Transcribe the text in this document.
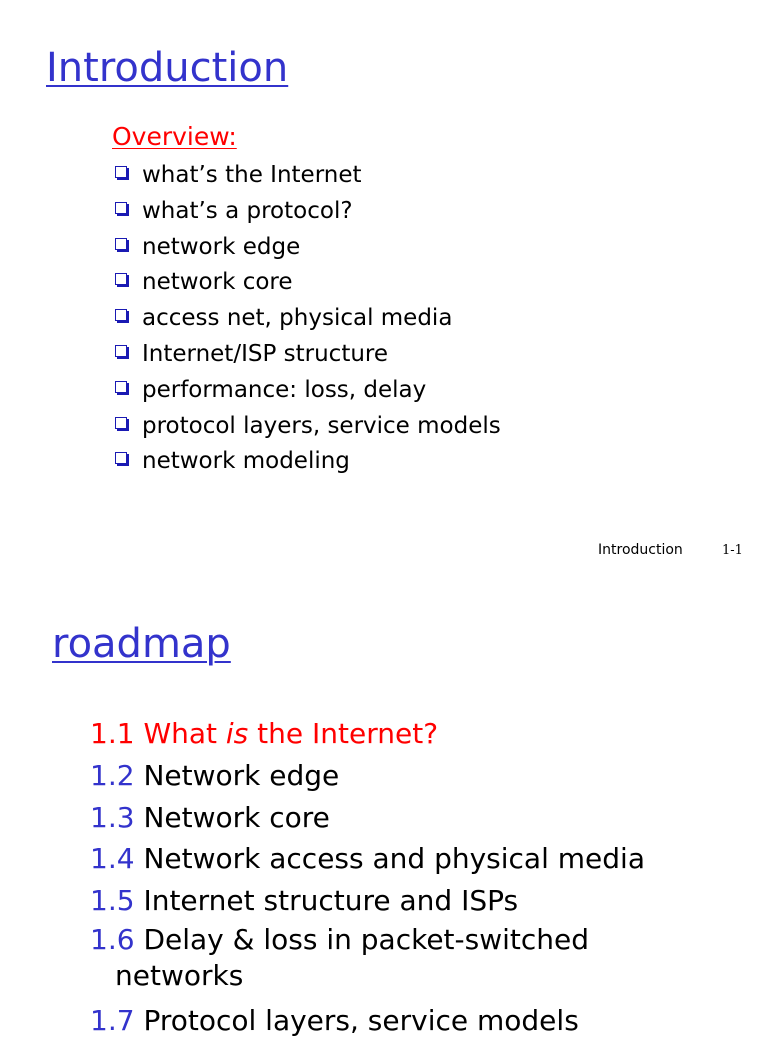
Introduction
Overview:
what’s the Internet
what’s a protocol?
network edge
network core
access net, physical media
Internet/ISP structure
performance: loss, delay
protocol layers, service models
network modeling
Introduction	1-1
roadmap
1.1 What is the Internet?
1.2 Network edge
1.3 Network core
1.4 Network access and physical media
1.5 Internet structure and ISPs
1.6 Delay & loss in packet-switched
networks
1.7 Protocol layers, service models
